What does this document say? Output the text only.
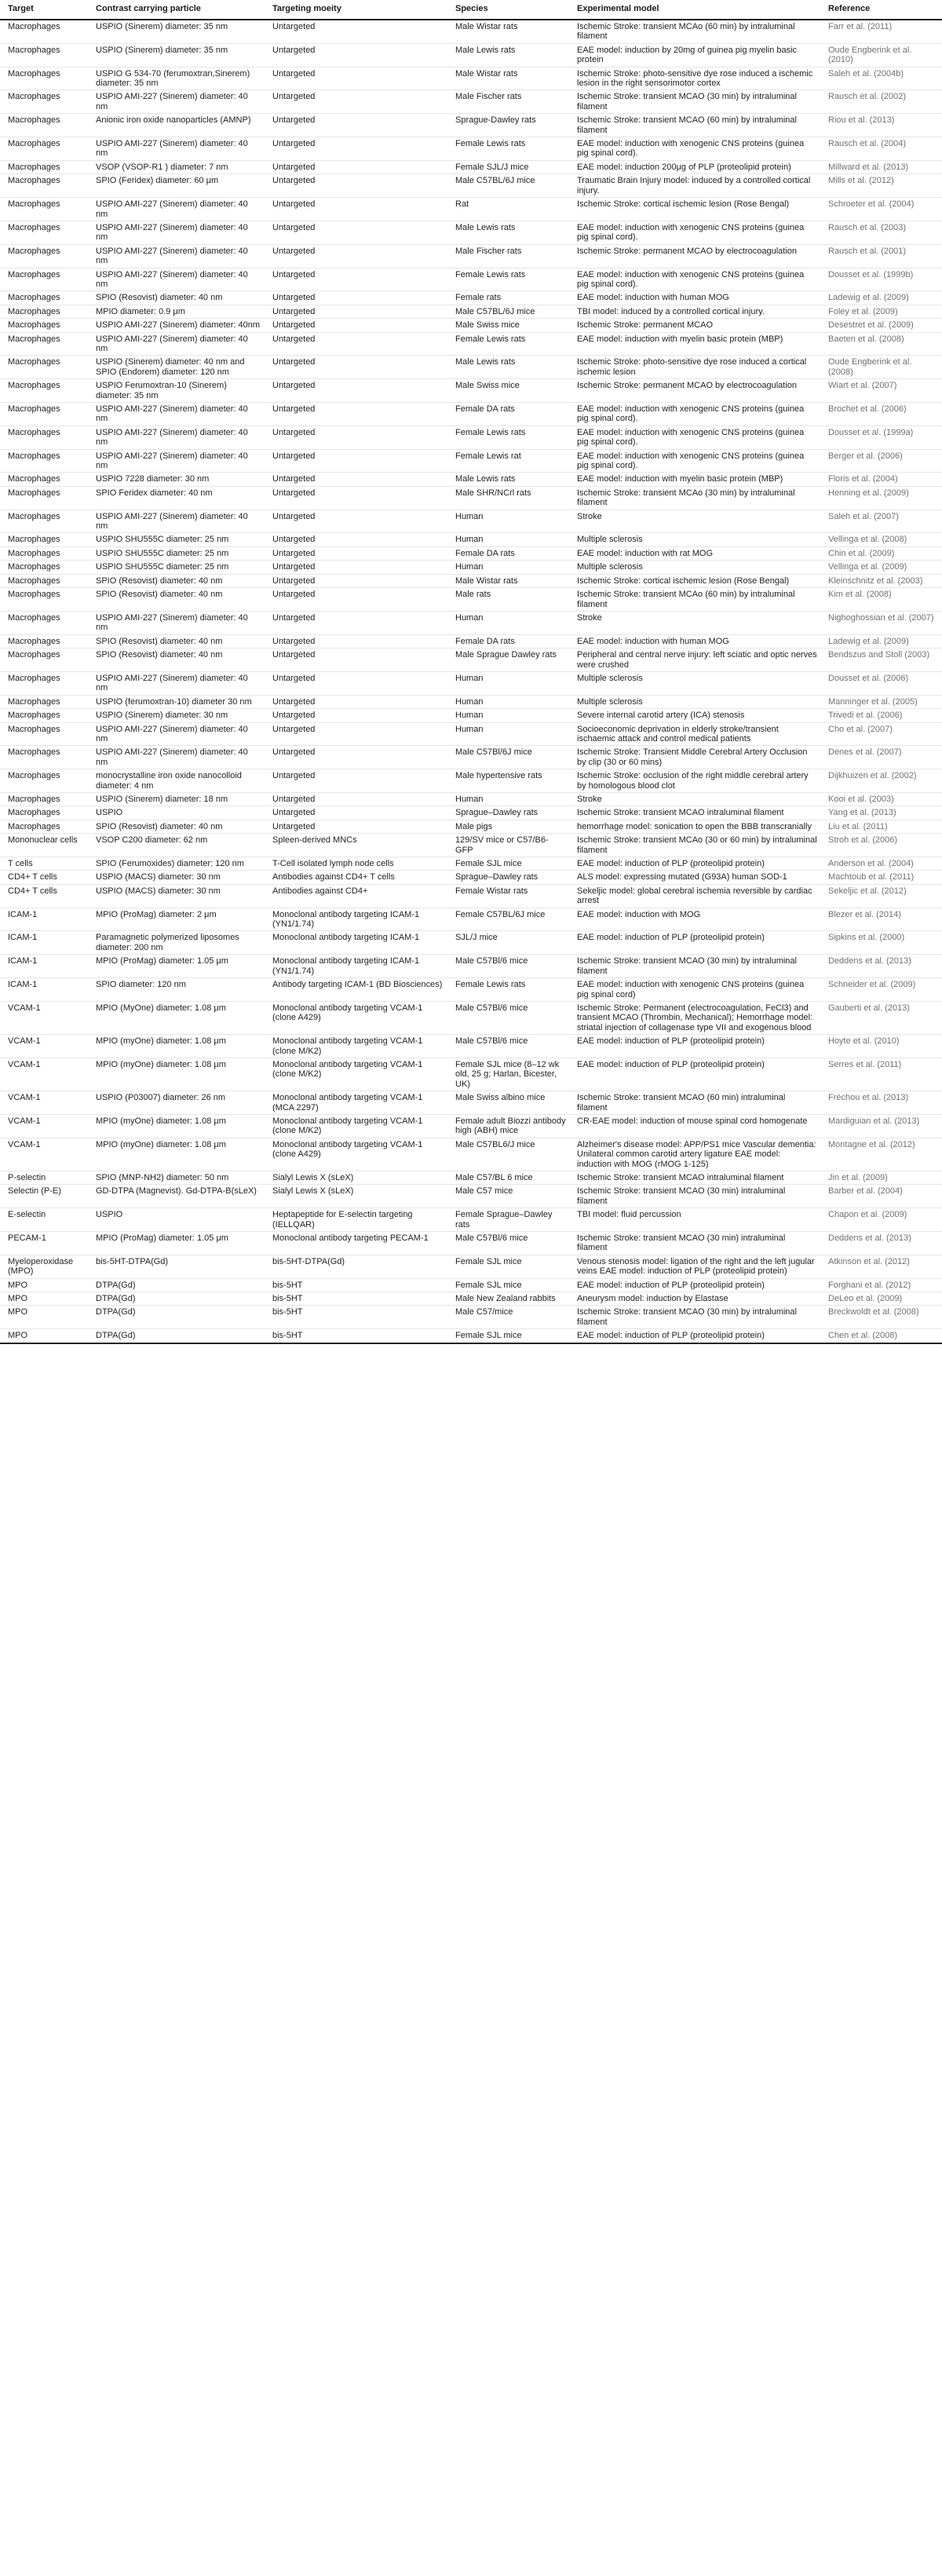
Target	Contrast carrying particle	Targeting moeity	Species	Experimental model	Reference
Macrophages	USPIO (Sinerem) diameter: 35 nm	Untargeted	Male Wistar rats	Ischemic Stroke: transient MCAo (60 min) by intraluminal filament	Farr et al. (2011)
Macrophages	USPIO (Sinerem) diameter: 35 nm	Untargeted	Male Lewis rats	EAE model: induction by 20mg of guinea pig myelin basic protein	Oude Engberink et al. (2010)
Macrophages	USPIO G 534-70 (ferumoxtran,Sinerem) diameter: 35 nm	Untargeted	Male Wistar rats	Ischemic Stroke: photo-sensitive dye rose induced a ischemic lesion in the right sensorimotor cortex	Saleh et al. (2004b)
Macrophages	USPIO AMI-227 (Sinerem) diameter: 40 nm	Untargeted	Male Fischer rats	Ischemic Stroke: transient MCAO (30 min) by intraluminal filament	Rausch et al. (2002)
Macrophages	Anionic iron oxide nanoparticles (AMNP)	Untargeted	Sprague-Dawley rats	Ischemic Stroke: transient MCAO (60 min) by intraluminal filament	Riou et al. (2013)
Macrophages	USPIO AMI-227 (Sinerem) diameter: 40 nm	Untargeted	Female Lewis rats	EAE model: induction with xenogenic CNS proteins (guinea pig spinal cord).	Rausch et al. (2004)
Macrophages	VSOP (VSOP-R1 ) diameter: 7 nm	Untargeted	Female SJL/J mice	EAE model: induction 200μg of PLP (proteolipid protein)	Millward et al. (2013)
Macrophages	SPIO (Feridex) diameter: 60 μm	Untargeted	Male C57BL/6J mice	Traumatic Brain Injury model: induced by a controlled cortical injury.	Mills et al. (2012)
Macrophages	USPIO AMI-227 (Sinerem) diameter: 40 nm	Untargeted	Rat	Ischemic Stroke: cortical ischemic lesion (Rose Bengal)	Schroeter et al. (2004)
Macrophages	USPIO AMI-227 (Sinerem) diameter: 40 nm	Untargeted	Male Lewis rats	EAE model: induction with xenogenic CNS proteins (guinea pig spinal cord).	Rausch et al. (2003)
Macrophages	USPIO AMI-227 (Sinerem) diameter: 40 nm	Untargeted	Male Fischer rats	Ischemic Stroke: permanent MCAO by electrocoagulation	Rausch et al. (2001)
Macrophages	USPIO AMI-227 (Sinerem) diameter: 40 nm	Untargeted	Female Lewis rats	EAE model: induction with xenogenic CNS proteins (guinea pig spinal cord).	Dousset et al. (1999b)
Macrophages	SPIO (Resovist) diameter: 40 nm	Untargeted	Female rats	EAE model: induction with human MOG	Ladewig et al. (2009)
Macrophages	MPIO diameter: 0.9 μm	Untargeted	Male C57BL/6J mice	TBI model: induced by a controlled cortical injury.	Foley et al. (2009)
Macrophages	USPIO AMI-227 (Sinerem) diameter: 40nm	Untargeted	Male Swiss mice	Ischemic Stroke: permanent MCAO	Desestret et al. (2009)
Macrophages	USPIO AMI-227 (Sinerem) diameter: 40 nm	Untargeted	Female Lewis rats	EAE model: induction with myelin basic protein (MBP)	Baeten et al. (2008)
Macrophages	USPIO (Sinerem) diameter: 40 nm and SPIO (Endorem) diameter: 120 nm	Untargeted	Male Lewis rats	Ischemic Stroke: photo-sensitive dye rose induced a cortical ischemic lesion	Oude Engberink et al. (2008)
Macrophages	USPIO Ferumoxtran-10 (Sinerem) diameter: 35 nm	Untargeted	Male Swiss mice	Ischemic Stroke: permanent MCAO by electrocoagulation	Wiart et al. (2007)
Macrophages	USPIO AMI-227 (Sinerem) diameter: 40 nm	Untargeted	Female DA rats	EAE model: induction with xenogenic CNS proteins (guinea pig spinal cord).	Brochet et al. (2006)
Macrophages	USPIO AMI-227 (Sinerem) diameter: 40 nm	Untargeted	Female Lewis rats	EAE model: induction with xenogenic CNS proteins (guinea pig spinal cord).	Dousset et al. (1999a)
Macrophages	USPIO AMI-227 (Sinerem) diameter: 40 nm	Untargeted	Female Lewis rat	EAE model: induction with xenogenic CNS proteins (guinea pig spinal cord).	Berger et al. (2006)
Macrophages	USPIO 7228 diameter: 30 nm	Untargeted	Male Lewis rats	EAE model: induction with myelin basic protein (MBP)	Floris et al. (2004)
Macrophages	SPIO Feridex diameter: 40 nm	Untargeted	Male SHR/NCrl rats	Ischemic Stroke: transient MCAo (30 min) by intraluminal filament	Henning et al. (2009)
Macrophages	USPIO AMI-227 (Sinerem) diameter: 40 nm	Untargeted	Human	Stroke	Saleh et al. (2007)
Macrophages	USPIO SHU555C diameter: 25 nm	Untargeted	Human	Multiple sclerosis	Vellinga et al. (2008)
Macrophages	USPIO SHU555C diameter: 25 nm	Untargeted	Female DA rats	EAE model: induction with rat MOG	Chin et al. (2009)
Macrophages	USPIO SHU555C diameter: 25 nm	Untargeted	Human	Multiple sclerosis	Vellinga et al. (2009)
Macrophages	SPIO (Resovist) diameter: 40 nm	Untargeted	Male Wistar rats	Ischemic Stroke: cortical ischemic lesion (Rose Bengal)	Kleinschnitz et al. (2003)
Macrophages	SPIO (Resovist) diameter: 40 nm	Untargeted	Male rats	Ischemic Stroke: transient MCAo (60 min) by intraluminal filament	Kim et al. (2008)
Macrophages	USPIO AMI-227 (Sinerem) diameter: 40 nm	Untargeted	Human	Stroke	Nighoghossian et al. (2007)
Macrophages	SPIO (Resovist) diameter: 40 nm	Untargeted	Female DA rats	EAE model: induction with human MOG	Ladewig et al. (2009)
Macrophages	SPIO (Resovist) diameter: 40 nm	Untargeted	Male Sprague Dawley rats	Peripheral and central nerve injury: left sciatic and optic nerves were crushed	Bendszus and Stoll (2003)
Macrophages	USPIO AMI-227 (Sinerem) diameter: 40 nm	Untargeted	Human	Multiple sclerosis	Dousset et al. (2006)
Macrophages	USPIO (ferumoxtran-10) diameter 30 nm	Untargeted	Human	Multiple sclerosis	Manninger et al. (2005)
Macrophages	USPIO (Sinerem) diameter: 30 nm	Untargeted	Human	Severe internal carotid artery (ICA) stenosis	Trivedi et al. (2006)
Macrophages	USPIO AMI-227 (Sinerem) diameter: 40 nm	Untargeted	Human	Socioeconomic deprivation in elderly stroke/transient ischaemic attack and control medical patients	Cho et al. (2007)
Macrophages	USPIO AMI-227 (Sinerem) diameter: 40 nm	Untargeted	Male C57Bl/6J mice	Ischemic Stroke: Transient Middle Cerebral Artery Occlusion by clip (30 or 60 mins)	Denes et al. (2007)
Macrophages	monocrystalline iron oxide nanocolloid diameter: 4 nm	Untargeted	Male hypertensive rats	Ischemic Stroke: occlusion of the right middle cerebral artery by homologous blood clot	Dijkhuizen et al. (2002)
Macrophages	USPIO (Sinerem) diameter: 18 nm	Untargeted	Human	Stroke	Kooi et al. (2003)
Macrophages	USPIO	Untargeted	Sprague–Dawley rats	Ischemic Stroke: transient MCAO intraluminal filament	Yang et al. (2013)
Macrophages	SPIO (Resovist) diameter: 40 nm	Untargeted	Male pigs	hemorrhage model: sonication to open the BBB transcranially	Liu et al. (2011)
Mononuclear cells	VSOP C200 diameter: 62 nm	Spleen-derived MNCs	129/SV mice or C57/B6-GFP	Ischemic Stroke: transient MCAo (30 or 60 min) by intraluminal filament	Stroh et al. (2006)
T cells	SPIO (Ferumoxides) diameter: 120 nm	T-Cell isolated lymph node cells	Female SJL mice	EAE model: induction of PLP (proteolipid protein)	Anderson et al. (2004)
CD4+ T cells	USPIO (MACS) diameter: 30 nm	Antibodies against CD4+ T cells	Sprague–Dawley rats	ALS model: expressing mutated (G93A) human SOD-1	Machtoub et al. (2011)
CD4+ T cells	USPIO (MACS) diameter: 30 nm	Antibodies against CD4+	Female Wistar rats	Sekeljic model: global cerebral ischemia reversible by cardiac arrest	Sekeljic et al. (2012)
ICAM-1	MPIO (ProMag) diameter: 2 μm	Monoclonal antibody targeting ICAM-1 (YN1/1.74)	Female C57BL/6J mice	EAE model: induction with MOG	Blezer et al. (2014)
ICAM-1	Paramagnetic polymerized liposomes diameter: 200 nm	Monoclonal antibody targeting ICAM-1	SJL/J mice	EAE model: induction of PLP (proteolipid protein)	Sipkins et al. (2000)
ICAM-1	MPIO (ProMag) diameter: 1.05 μm	Monoclonal antibody targeting ICAM-1 (YN1/1.74)	Male C57Bl/6 mice	Ischemic Stroke: transient MCAO (30 min) by intraluminal filament	Deddens et al. (2013)
ICAM-1	SPIO diameter: 120 nm	Antibody targeting ICAM-1 (BD Biosciences)	Female Lewis rats	EAE model: induction with xenogenic CNS proteins (guinea pig spinal cord)	Schneider et al. (2009)
VCAM-1	MPIO (MyOne) diameter: 1.08 μm	Monoclonal antibody targeting VCAM-1 (clone A429)	Male C57Bl/6 mice	Ischemic Stroke: Permanent (electrocoagulation, FeCl3) and transient MCAO (Thrombin, Mechanical); Hemorrhage model: striatal injection of collagenase type VII and exogenous blood	Gauberti et al. (2013)
VCAM-1	MPIO (myOne) diameter: 1.08 μm	Monoclonal antibody targeting VCAM-1 (clone M/K2)	Male C57Bl/6 mice	EAE model: induction of PLP (proteolipid protein)	Hoyte et al. (2010)
VCAM-1	MPIO (myOne) diameter: 1.08 μm	Monoclonal antibody targeting VCAM-1 (clone M/K2)	Female SJL mice (8–12 wk old, 25 g; Harlan, Bicester, UK)	EAE model: induction of PLP (proteolipid protein)	Serres et al. (2011)
VCAM-1	USPIO (P03007) diameter: 26 nm	Monoclonal antibody targeting VCAM-1 (MCA 2297)	Male Swiss albino mice	Ischemic Stroke: transient MCAO (60 min) intraluminal filament	Fréchou et al. (2013)
VCAM-1	MPIO (myOne) diameter: 1.08 μm	Monoclonal antibody targeting VCAM-1 (clone M/K2)	Female adult Biozzi antibody high (ABH) mice	CR-EAE model: induction of mouse spinal cord homogenate	Mardiguian et al. (2013)
VCAM-1	MPIO (myOne) diameter: 1.08 μm	Monoclonal antibody targeting VCAM-1 (clone A429)	Male C57BL6/J mice	Alzheimer's disease model: APP/PS1 mice Vascular dementia: Unilateral common carotid artery ligature EAE model: induction with MOG (rMOG 1-125)	Montagne et al. (2012)
P-selectin	SPIO (MNP-NH2) diameter: 50 nm	Sialyl Lewis X (sLeX)	Male C57/BL 6 mice	Ischemic Stroke: transient MCAO intraluminal filament	Jin et al. (2009)
Selectin (P-E)	GD-DTPA (Magnevist). Gd-DTPA-B(sLeX)	Sialyl Lewis X (sLeX)	Male C57 mice	Ischemic Stroke: transient MCAO (30 min) intraluminal filament	Barber et al. (2004)
E-selectin	USPIO	Heptapeptide for E-selectin targeting (IELLQAR)	Female Sprague–Dawley rats	TBI model: fluid percussion	Chapon et al. (2009)
PECAM-1	MPIO (ProMag) diameter: 1.05 μm	Monoclonal antibody targeting PECAM-1	Male C57Bl/6 mice	Ischemic Stroke: transient MCAO (30 min) intraluminal filament	Deddens et al. (2013)
Myeloperoxidase (MPO)	bis-5HT-DTPA(Gd)	bis-5HT-DTPA(Gd)	Female SJL mice	Venous stenosis model: ligation of the right and the left jugular veins EAE model: induction of PLP (proteolipid protein)	Atkinson et al. (2012)
MPO	DTPA(Gd)	bis-5HT	Female SJL mice	EAE model: induction of PLP (proteolipid protein)	Forghani et al. (2012)
MPO	DTPA(Gd)	bis-5HT	Male New Zealand rabbits	Aneurysm model: induction by Elastase	DeLeo et al. (2009)
MPO	DTPA(Gd)	bis-5HT	Male C57/mice	Ischemic Stroke: transient MCAO (30 min) by intraluminal filament	Breckwoldt et al. (2008)
MPO	DTPA(Gd)	bis-5HT	Female SJL mice	EAE model: induction of PLP (proteolipid protein)	Chen et al. (2008)
